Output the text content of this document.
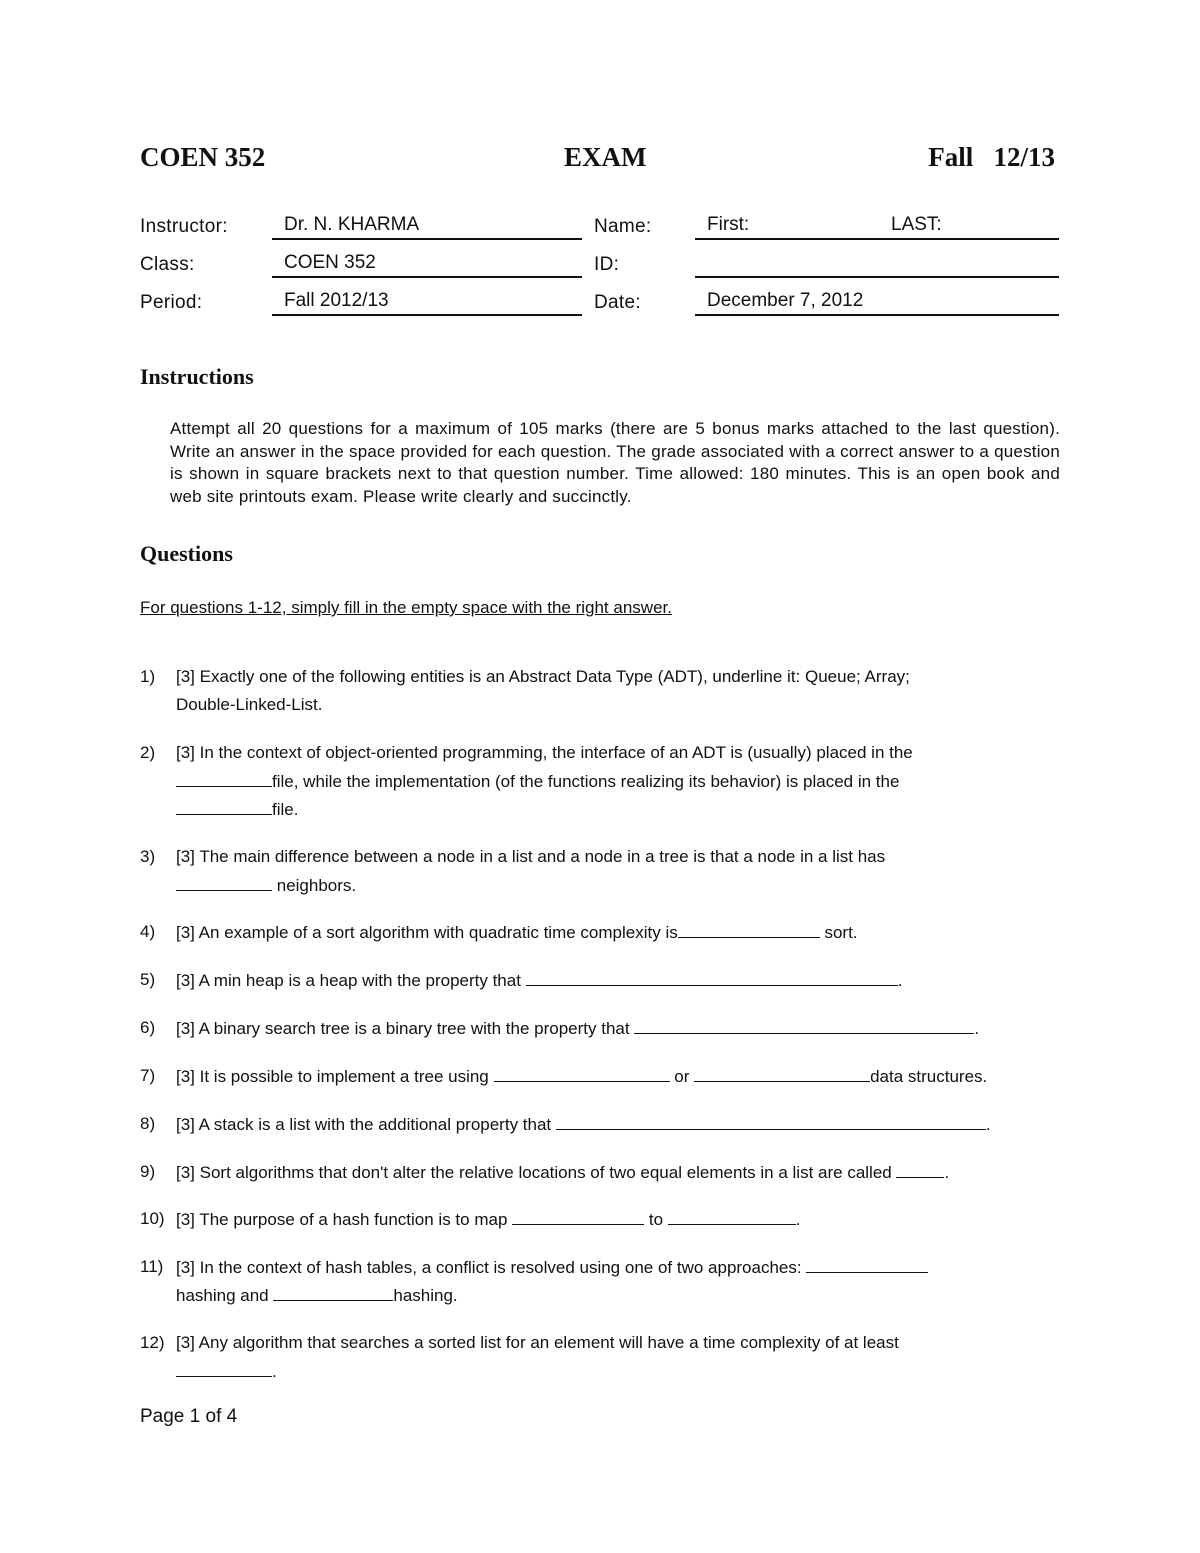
COEN 352	EXAM	Fall   12/13
Instructor:	Dr. N. KHARMA	Name:	First:	LAST:
Class:	COEN 352	ID:
Period:	Fall 2012/13	Date:	December 7, 2012
Instructions
Attempt all 20 questions for a maximum of 105 marks (there are 5 bonus marks attached to the last question). Write an answer in the space provided for each question. The grade associated with a correct answer to a question is shown in square brackets next to that question number. Time allowed: 180 minutes. This is an open book and web site printouts exam. Please write clearly and succinctly.
Questions
For questions 1-12, simply fill in the empty space with the right answer.
1) [3] Exactly one of the following entities is an Abstract Data Type (ADT), underline it: Queue; Array;
Double-Linked-List.
2) [3] In the context of object-oriented programming, the interface of an ADT is (usually) placed in the
file, while the implementation (of the functions realizing its behavior) is placed in the
file.
3) [3] The main difference between a node in a list and a node in a tree is that a node in a list has
neighbors.
4) [3] An example of a sort algorithm with quadratic time complexity is	sort.
5) [3] A min heap is a heap with the property that	.
6) [3] A binary search tree is a binary tree with the property that	.
7) [3] It is possible to implement a tree using	or	data structures.
8) [3] A stack is a list with the additional property that	.
9) [3] Sort algorithms that don't alter the relative locations of two equal elements in a list are called	.
10) [3] The purpose of a hash function is to map	to	.
11) [3] In the context of hash tables, a conflict is resolved using one of two approaches:
hashing and	hashing.
12) [3] Any algorithm that searches a sorted list for an element will have a time complexity of at least
.
Page 1 of 4
